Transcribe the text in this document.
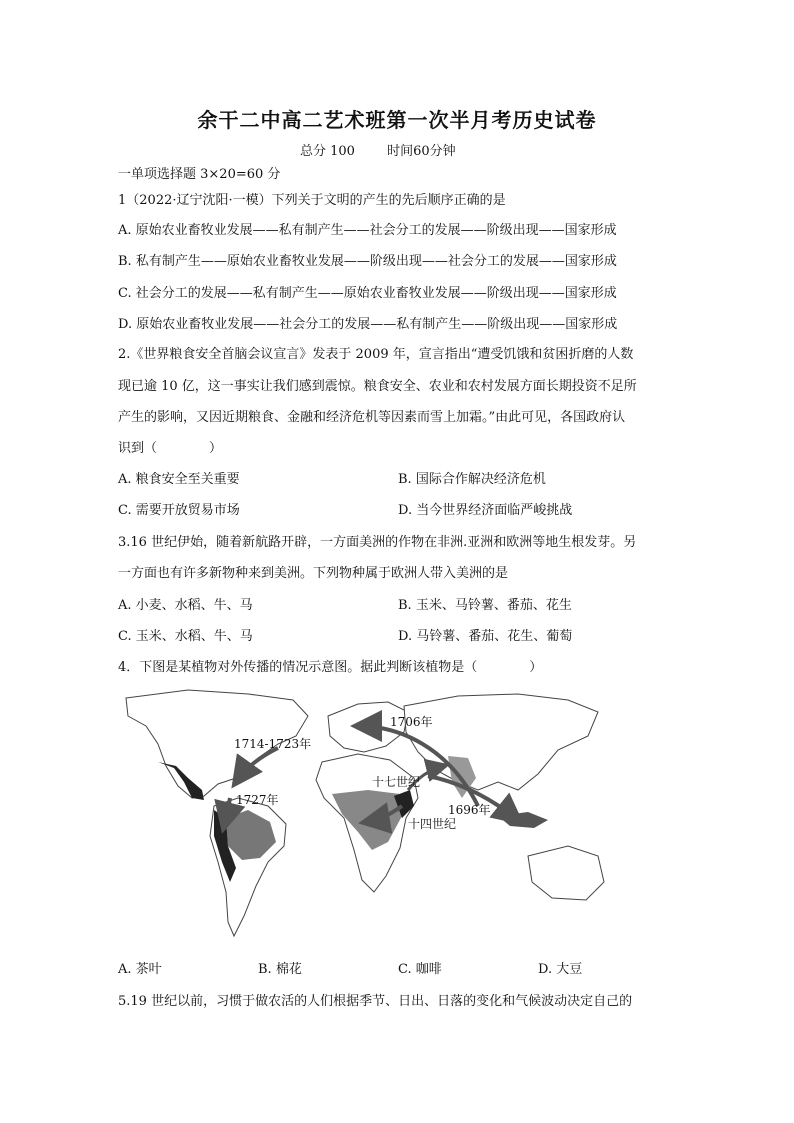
余干二中高二艺术班第一次半月考历史试卷
总分 100 时间60分钟
一单项选择题 3×20=60 分
1（2022·辽宁沈阳·一模）下列关于文明的产生的先后顺序正确的是
A. 原始农业畜牧业发展——私有制产生——社会分工的发展——阶级出现——国家形成
B. 私有制产生——原始农业畜牧业发展——阶级出现——社会分工的发展——国家形成
C. 社会分工的发展——私有制产生——原始农业畜牧业发展——阶级出现——国家形成
D. 原始农业畜牧业发展——社会分工的发展——私有制产生——阶级出现——国家形成
2.《世界粮食安全首脑会议宣言》发表于 2009 年，宣言指出“遭受饥饿和贫困折磨的人数
现已逾 10 亿，这一事实让我们感到震惊。粮食安全、农业和农村发展方面长期投资不足所
产生的影响，又因近期粮食、金融和经济危机等因素而雪上加霜。”由此可见，各国政府认
识到（　　　　）
A. 粮食安全至关重要	B. 国际合作解决经济危机
C. 需要开放贸易市场	D. 当今世界经济面临严峻挑战
3.16 世纪伊始，随着新航路开辟，一方面美洲的作物在非洲.亚洲和欧洲等地生根发芽。另
一方面也有许多新物种来到美洲。下列物种属于欧洲人带入美洲的是
A. 小麦、水稻、牛、马	B. 玉米、马铃薯、番茄、花生
C. 玉米、水稻、牛、马	D. 马铃薯、番茄、花生、葡萄
4．下图是某植物对外传播的情况示意图。据此判断该植物是（　　　　）
1706年
1714-1723年
十七世纪
1727年
1696年
十四世纪
A. 茶叶	B. 棉花	C. 咖啡	D. 大豆
5.19 世纪以前，习惯于做农活的人们根据季节、日出、日落的变化和气候波动决定自己的
